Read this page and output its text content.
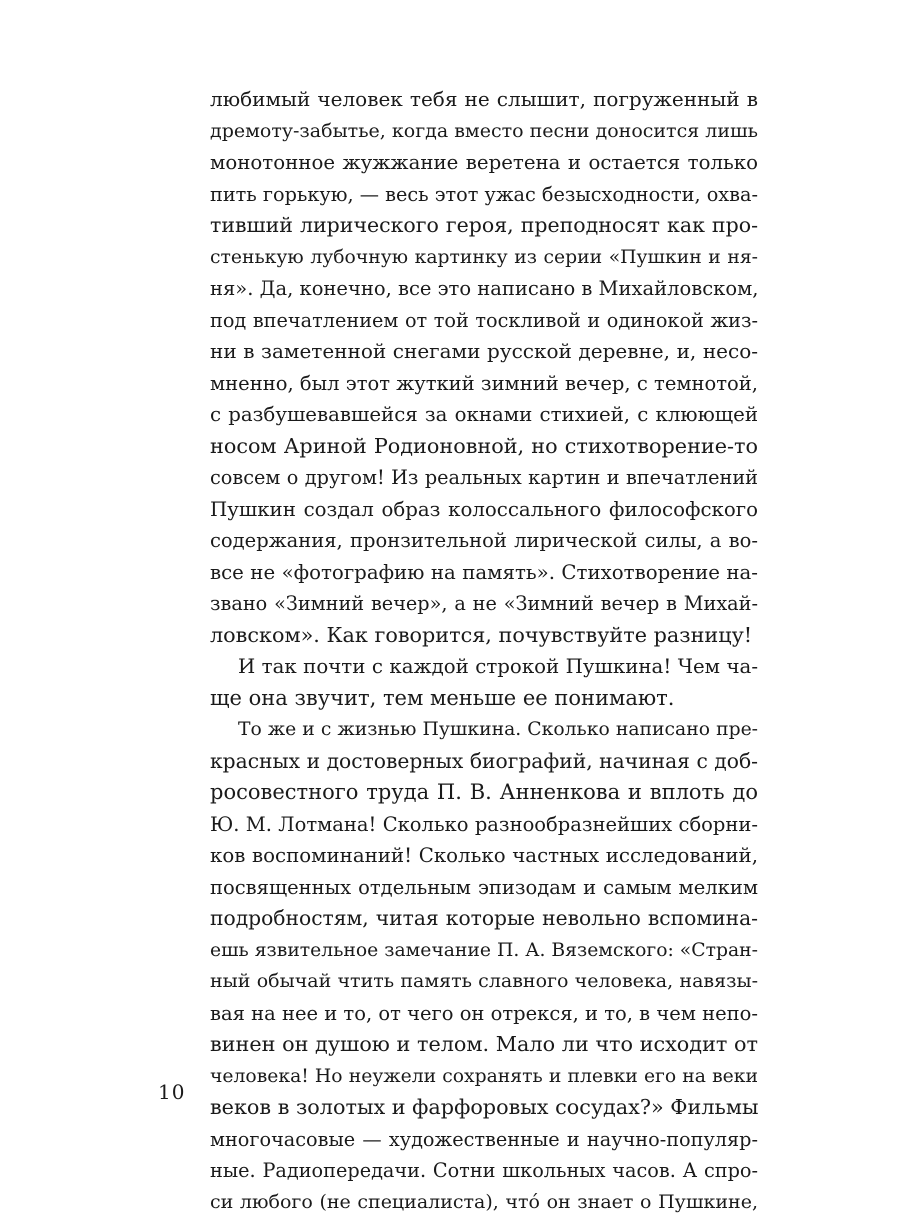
любимый человек тебя не слышит, погруженный в
дремоту-забытье, когда вместо песни доносится лишь
монотонное жужжание веретена и остается только
пить горькую, — весь этот ужас безысходности, охва-
тивший лирического героя, преподносят как про-
стенькую лубочную картинку из серии «Пушкин и ня-
ня». Да, конечно, все это написано в Михайловском,
под впечатлением от той тоскливой и одинокой жиз-
ни в заметенной снегами русской деревне, и, несо-
мненно, был этот жуткий зимний вечер, с темнотой,
с разбушевавшейся за окнами стихией, с клюющей
носом Ариной Родионовной, но стихотворение-то
совсем о другом! Из реальных картин и впечатлений
Пушкин создал образ колоссального философского
содержания, пронзительной лирической силы, а во-
все не «фотографию на память». Стихотворение на-
звано «Зимний вечер», а не «Зимний вечер в Михай-
ловском». Как говорится, почувствуйте разницу!
И так почти с каждой строкой Пушкина! Чем ча-
ще она звучит, тем меньше ее понимают.
То же и с жизнью Пушкина. Сколько написано пре-
красных и достоверных биографий, начиная с доб-
росовестного труда П. В. Анненкова и вплоть до
Ю. М. Лотмана! Сколько разнообразнейших сборни-
ков воспоминаний! Сколько частных исследований,
посвященных отдельным эпизодам и самым мелким
подробностям, читая которые невольно вспомина-
ешь язвительное замечание П. А. Вяземского: «Стран-
ный обычай чтить память славного человека, навязы-
вая на нее и то, от чего он отрекся, и то, в чем непо-
винен он душою и телом. Мало ли что исходит от
человека! Но неужели сохранять и плевки его на веки
веков в золотых и фарфоровых сосудах?» Фильмы
многочасовые — художественные и научно-популяр-
ные. Радиопередачи. Сотни школьных часов. А спро-
си любого (не специалиста), чтó он знает о Пушкине,
10
